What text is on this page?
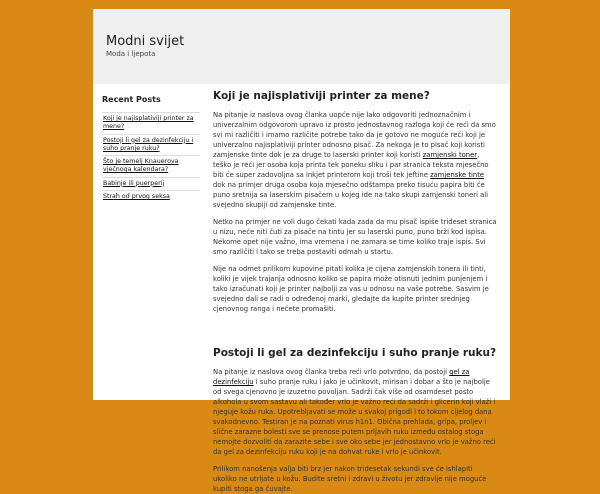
Modni svijet
Moda i ljepota
Recent Posts
Koji je najisplativiji printer za mene?
Postoji li gel za dezinfekciju i suho pranje ruku?
Što je temelj Knauerova vječnoga kalendara?
Babinje ili puerperij
Strah od prvog seksa
Koji je najisplativiji printer za mene?

Na pitanje iz naslova ovog članka uopće nije lako odgovoriti jednoznačnim i univerzalnim odgovorom upravo iz prosto jednostavnog razloga koji će reći da smo svi mi različiti i imamo različite potrebe tako da je gotovo ne moguće reći koji je univerzalno najisplativiji printer odnosno pisač. Za nekoga je to pisač koji koristi zamjenske tinte dok je za druge to laserski printer koji koristi zamjenski toner, teško je reći jer osoba koja printa tek poneku sliku i par stranica teksta mjesečno biti će super zadovoljna sa inkjet printerom koji troši tek jeftine zamjenske tinte dok na primjer druga osoba koja mjesečno odštampa preko tisuću papira biti će puno sretnija sa laserskim pisačem u kojeg ide na tako skupi zamjenski toneri ali svejedno skupiji od zamjenske tinte.

Netko na primjer ne voli dugo čekati kada zada da mu pisač ispiše trideset stranica u nizu, neće niti čuti za pisače na tintu jer su laserski puno, puno brži kod ispisa. Nekome opet nije važno, ima vremena i ne zamara se time koliko traje ispis. Svi smo različiti i tako se treba postaviti odmah u startu.

Nije na odmet prilikom kupovine pitati kolika je cijena zamjenskih tonera ili tinti, koliki je vijek trajanja odnosno koliko se papira može otisnuti jednim punjenjem i tako izračunati koji je printer najbolji za vas u odnosu na vaše potrebe. Sasvim je svejedno dali se radi o određenoj marki, gledajte da kupite printer srednjeg cjenovnog ranga i nećete promašiti.

Postoji li gel za dezinfekciju i suho pranje ruku?

Na pitanje iz naslova ovog članka treba reći vrlo potvrdno, da postoji gel za dezinfekciju i suho pranje ruku i jako je učinkovit, mirisan i dobar a što je najbolje od svega cjenovno je izuzetno povoljan. Sadrži čak više od osamdeset posto alkohola u svom sastavu ali također vrlo je važno reći da sadrži i glicerin koji vlaži i njeguje kožu ruka. Upotrebljavati se može u svakoj prigodi i to tokom cijelog dana svakodnevno. Testiran je na poznati virus h1n1. Obična prehlada, gripa, prolјev i slične zarazne bolesti sve se prenose putem prljavih ruku između ostalog stoga nemojte dozvoliti da zarazite sebe i sve oko sebe jer jednostavno vrlo je važno reći da gel za dezinfekciju ruku koji je na dohvat ruke i vrlo je učinkovit.

Prilikom nanošenja valja biti brz jer nakon tridesetak sekundi sve će ishlapiti ukoliko ne utrljate u kožu. Budite sretni i zdravi u životu jer zdravlje nije moguće kupiti stoga ga čuvajte.
